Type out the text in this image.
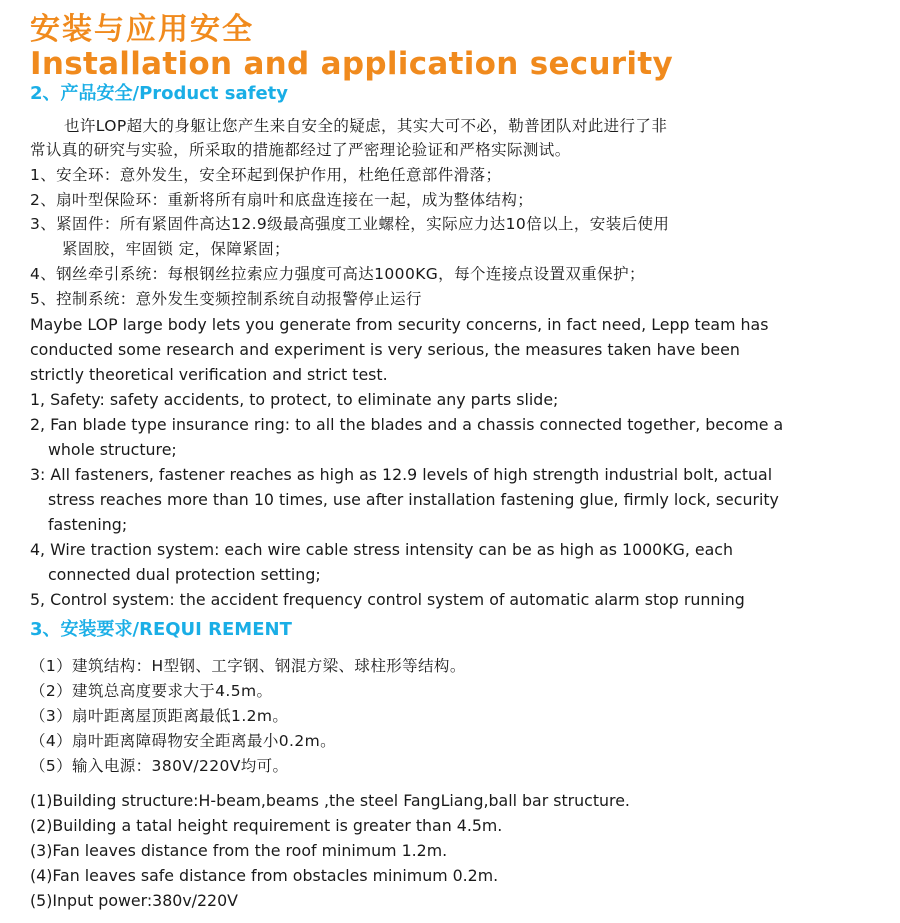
安装与应用安全
Installation and application security
2、产品安全/Product safety
也许LOP超大的身躯让您产生来自安全的疑虑，其实大可不必，勒普团队对此进行了非
常认真的研究与实验，所采取的措施都经过了严密理论验证和严格实际测试。
1、安全环：意外发生，安全环起到保护作用，杜绝任意部件滑落；
2、扇叶型保险环：重新将所有扇叶和底盘连接在一起，成为整体结构；
3、紧固件：所有紧固件高达12.9级最高强度工业螺栓，实际应力达10倍以上，安装后使用
紧固胶，牢固锁 定，保障紧固；
4、钢丝牵引系统：每根钢丝拉索应力强度可高达1000KG，每个连接点设置双重保护；
5、控制系统：意外发生变频控制系统自动报警停止运行
Maybe LOP large body lets you generate from security concerns, in fact need, Lepp team has
conducted some research and experiment is very serious, the measures taken have been
strictly theoretical verification and strict test.
1, Safety: safety accidents, to protect, to eliminate any parts slide;
2, Fan blade type insurance ring: to all the blades and a chassis connected together, become a
whole structure;
3: All fasteners, fastener reaches as high as 12.9 levels of high strength industrial bolt, actual
stress reaches more than 10 times, use after installation fastening glue, firmly lock, security
fastening;
4, Wire traction system: each wire cable stress intensity can be as high as 1000KG, each
connected dual protection setting;
5, Control system: the accident frequency control system of automatic alarm stop running
3、安装要求/REQUI REMENT
（1）建筑结构：H型钢、工字钢、钢混方梁、球柱形等结构。
（2）建筑总高度要求大于4.5m。
（3）扇叶距离屋顶距离最低1.2m。
（4）扇叶距离障碍物安全距离最小0.2m。
（5）输入电源：380V/220V均可。
(1)Building structure:H-beam,beams ,the steel FangLiang,ball bar structure.
(2)Building a tatal height requirement is greater than 4.5m.
(3)Fan leaves distance from the roof minimum 1.2m.
(4)Fan leaves safe distance from obstacles minimum 0.2m.
(5)Input power:380v/220V
